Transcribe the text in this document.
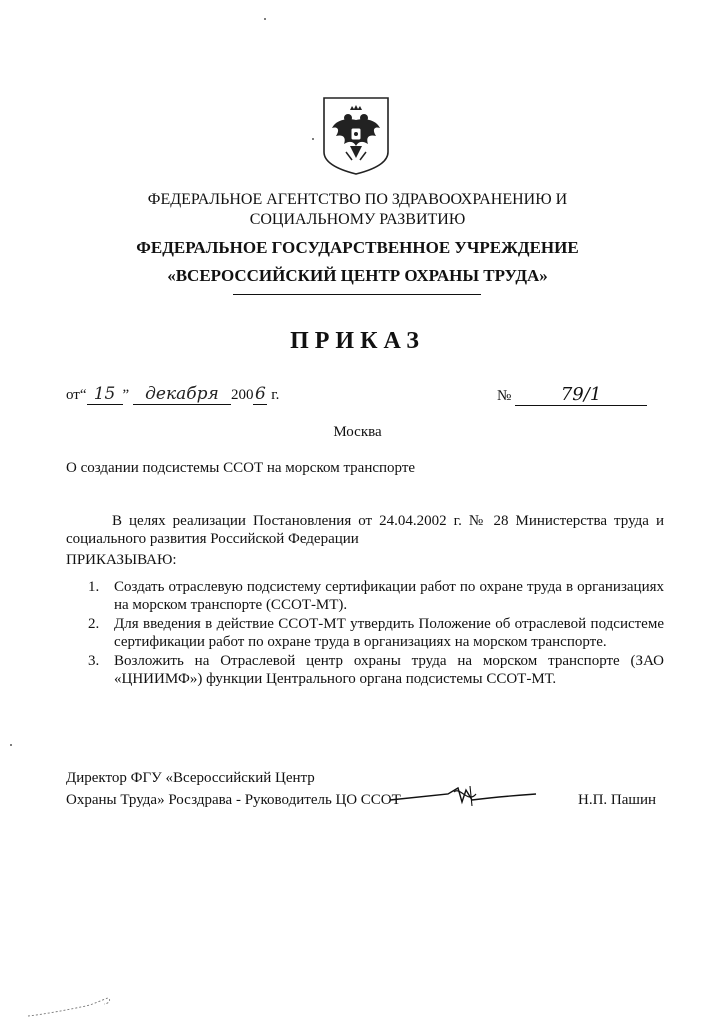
ФЕДЕРАЛЬНОЕ АГЕНТСТВО ПО ЗДРАВООХРАНЕНИЮ И
СОЦИАЛЬНОМУ РАЗВИТИЮ
ФЕДЕРАЛЬНОЕ ГОСУДАРСТВЕННОЕ УЧРЕЖДЕНИЕ
«ВСЕРОССИЙСКИЙ ЦЕНТР ОХРАНЫ ТРУДА»
ПРИКАЗ
от“ 15 ” декабря 2006 г.	№	79/1
Москва
О создании подсистемы ССОТ на морском транспорте
В целях реализации Постановления от 24.04.2002 г. № 28 Министерства труда и социального развития Российской Федерации
ПРИКАЗЫВАЮ:
1. Создать отраслевую подсистему сертификации работ по охране труда в организациях на морском транспорте (ССОТ-МТ).
2. Для введения в действие ССОТ-МТ утвердить Положение об отраслевой подсистеме сертификации работ по охране труда в организациях на морском транспорте.
3. Возложить на Отраслевой центр охраны труда на морском транспорте (ЗАО «ЦНИИМФ») функции Центрального органа подсистемы ССОТ-МТ.
Директор ФГУ «Всероссийский Центр
Охраны Труда» Росздрава - Руководитель ЦО ССОТ	Н.П. Пашин
